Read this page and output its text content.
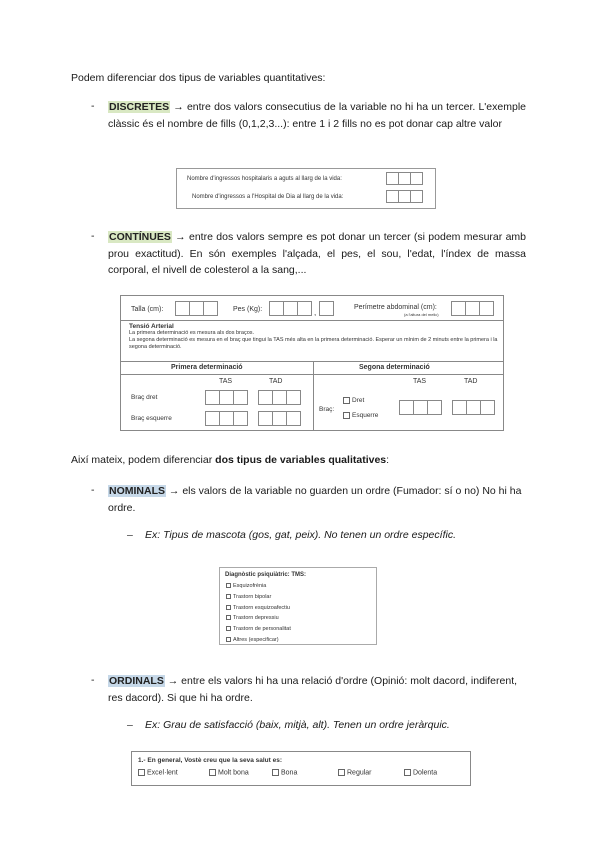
Podem diferenciar dos tipus de variables quantitatives:
- DISCRETES → entre dos valors consecutius de la variable no hi ha un tercer. L'exemple clàssic és el nombre de fills (0,1,2,3...): entre 1 i 2 fills no es pot donar cap altre valor
Nombre d'ingressos hospitalaris a aguts al llarg de la vida:
Nombre d'ingressos a l'Hospital de Dia al llarg de la vida:
- CONTÍNUES → entre dos valors sempre es pot donar un tercer (si podem mesurar amb prou exactitud). En són exemples l'alçada, el pes, el sou, l'edat, l'índex de massa corporal, el nivell de colesterol a la sang,...
Talla (cm):	Pes (Kg):	,
Perímetre abdominal (cm):
(a l'altura del melic)
Tensió Arterial
La primera determinació es mesura als dos braços.
La segona determinació es mesura en el braç que tingui la TAS més alta en la primera determinació. Esperar un mínim de 2 minuts entre la primera i la segona determinació.
Primera determinació	Segona determinació
TAS	TAD	TAS	TAD
Braç dret
Braç esquerre
Braç:
Dret
Esquerre
Així mateix, podem diferenciar dos tipus de variables qualitatives:
- NOMINALS → els valors de la variable no guarden un ordre (Fumador: sí o no) No hi ha ordre.
– Ex: Tipus de mascota (gos, gat, peix). No tenen un ordre específic.
Diagnòstic psiquiàtric: TMS:
Esquizofrènia
Trastorn bipolar
Trastorn esquizoafectiu
Trastorn depressiu
Trastorn de personalitat
Altres (especificar)
- ORDINALS → entre els valors hi ha una relació d'ordre (Opinió: molt dacord, indiferent, res dacord). Si que hi ha ordre.
– Ex: Grau de satisfacció (baix, mitjà, alt). Tenen un ordre jeràrquic.
1.- En general, Vostè creu que la seva salut es:
Excel·lent	Molt bona	Bona	Regular	Dolenta
